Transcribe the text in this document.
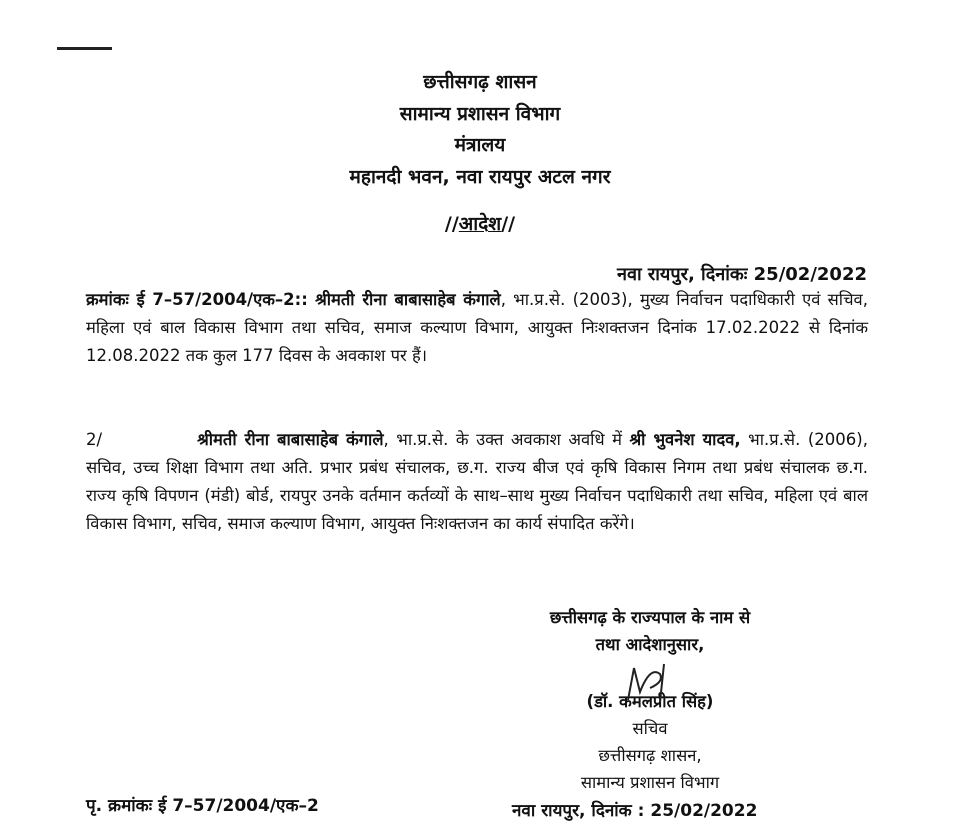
छत्तीसगढ़ शासन
सामान्य प्रशासन विभाग
मंत्रालय
महानदी भवन, नवा रायपुर अटल नगर
//आदेश//
नवा रायपुर, दिनांकः 25/02/2022
क्रमांकः ई 7–57/2004/एक–2:: श्रीमती रीना बाबासाहेब कंगाले, भा.प्र.से. (2003), मुख्य निर्वाचन पदाधिकारी एवं सचिव, महिला एवं बाल विकास विभाग तथा सचिव, समाज कल्याण विभाग, आयुक्त निःशक्तजन दिनांक 17.02.2022 से दिनांक 12.08.2022 तक कुल 177 दिवस के अवकाश पर हैं।
2/	श्रीमती रीना बाबासाहेब कंगाले, भा.प्र.से. के उक्त अवकाश अवधि में श्री भुवनेश यादव, भा.प्र.से. (2006), सचिव, उच्च शिक्षा विभाग तथा अति. प्रभार प्रबंध संचालक, छ.ग. राज्य बीज एवं कृषि विकास निगम तथा प्रबंध संचालक छ.ग. राज्य कृषि विपणन (मंडी) बोर्ड, रायपुर उनके वर्तमान कर्तव्यों के साथ–साथ मुख्य निर्वाचन पदाधिकारी तथा सचिव, महिला एवं बाल विकास विभाग, सचिव, समाज कल्याण विभाग, आयुक्त निःशक्तजन का कार्य संपादित करेंगे।
छत्तीसगढ़ के राज्यपाल के नाम से
तथा आदेशानुसार,
(डॉ. कमलप्रीत सिंह)
सचिव
छत्तीसगढ़ शासन,
सामान्य प्रशासन विभाग
पृ. क्रमांकः ई 7–57/2004/एक–2	नवा रायपुर, दिनांक : 25/02/2022
